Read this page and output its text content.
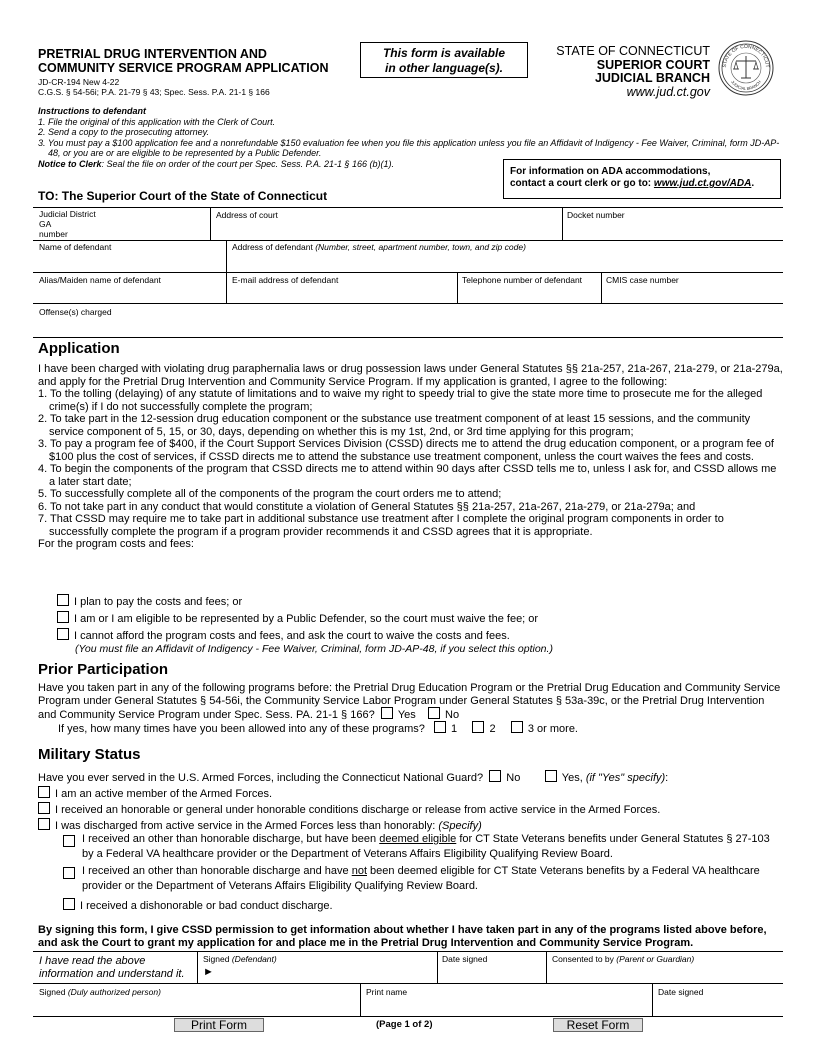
PRETRIAL DRUG INTERVENTION AND
COMMUNITY SERVICE PROGRAM APPLICATION
JD-CR-194 New 4-22
C.G.S. § 54-56i; P.A. 21-79 § 43; Spec. Sess. P.A. 21-1 § 166
This form is available
in other language(s).
STATE OF CONNECTICUT
SUPERIOR COURT
JUDICIAL BRANCH
www.jud.ct.gov
STATE OF CONNECTICUT
JUDICIAL BRANCH
Instructions to defendant
1. File the original of this application with the Clerk of Court.
2. Send a copy to the prosecuting attorney.
3. You must pay a $100 application fee and a nonrefundable $150 evaluation fee when you file this application unless you file an Affidavit of Indigency - Fee Waiver, Criminal, form JD-AP-48, or you are or are eligible to be represented by a Public Defender.
Notice to Clerk: Seal the file on order of the court per Spec. Sess. P.A. 21-1 § 166 (b)(1).
For information on ADA accommodations,
contact a court clerk or go to: www.jud.ct.gov/ADA.
TO: The Superior Court of the State of Connecticut
Judicial District
GA
number
Address of court	Docket number
Name of defendant	Address of defendant (Number, street, apartment number, town, and zip code)
Alias/Maiden name of defendant	E-mail address of defendant	Telephone number of defendant	CMIS case number
Offense(s) charged
Application
I have been charged with violating drug paraphernalia laws or drug possession laws under General Statutes §§ 21a-257, 21a-267, 21a-279, or 21a-279a, and apply for the Pretrial Drug Intervention and Community Service Program. If my application is granted, I agree to the following:
1. To the tolling (delaying) of any statute of limitations and to waive my right to speedy trial to give the state more time to prosecute me for the alleged crime(s) if I do not successfully complete the program;
2. To take part in the 12-session drug education component or the substance use treatment component of at least 15 sessions, and the community service component of 5, 15, or 30, days, depending on whether this is my 1st, 2nd, or 3rd time applying for this program;
3. To pay a program fee of $400, if the Court Support Services Division (CSSD) directs me to attend the drug education component, or a program fee of $100 plus the cost of services, if CSSD directs me to attend the substance use treatment component, unless the court waives the fees and costs.
4. To begin the components of the program that CSSD directs me to attend within 90 days after CSSD tells me to, unless I ask for, and CSSD allows me a later start date;
5. To successfully complete all of the components of the program the court orders me to attend;
6. To not take part in any conduct that would constitute a violation of General Statutes §§ 21a-257, 21a-267, 21a-279, or 21a-279a; and
7. That CSSD may require me to take part in additional substance use treatment after I complete the original program components in order to successfully complete the program if a program provider recommends it and CSSD agrees that it is appropriate.
For the program costs and fees:
I plan to pay the costs and fees; or
I am or I am eligible to be represented by a Public Defender, so the court must waive the fee; or
I cannot afford the program costs and fees, and ask the court to waive the costs and fees.
(You must file an Affidavit of Indigency - Fee Waiver, Criminal, form JD-AP-48, if you select this option.)
Prior Participation
Have you taken part in any of the following programs before: the Pretrial Drug Education Program or the Pretrial Drug Education and Community Service Program under General Statutes § 54-56i, the Community Service Labor Program under General Statutes § 53a-39c, or the Pretrial Drug Intervention and Community Service Program under Spec. Sess. PA. 21-1 § 166? Yes	No
If yes, how many times have you been allowed into any of these programs? 1	2	3 or more.
Military Status
Have you ever served in the U.S. Armed Forces, including the Connecticut National Guard? No	Yes, (if "Yes" specify):
I am an active member of the Armed Forces.
I received an honorable or general under honorable conditions discharge or release from active service in the Armed Forces.
I was discharged from active service in the Armed Forces less than honorably: (Specify)
I received an other than honorable discharge, but have been deemed eligible for CT State Veterans benefits under General Statutes § 27-103 by a Federal VA healthcare provider or the Department of Veterans Affairs Eligibility Qualifying Review Board.
I received an other than honorable discharge and have not been deemed eligible for CT State Veterans benefits by a Federal VA healthcare provider or the Department of Veterans Affairs Eligibility Qualifying Review Board.
I received a dishonorable or bad conduct discharge.
By signing this form, I give CSSD permission to get information about whether I have taken part in any of the programs listed above before, and ask the Court to grant my application for and place me in the Pretrial Drug Intervention and Community Service Program.
I have read the above
information and understand it.
Signed (Defendant)
►
Date signed	Consented to by (Parent or Guardian)
Signed (Duly authorized person)	Print name	Date signed
Print Form	(Page 1 of 2)	Reset Form
